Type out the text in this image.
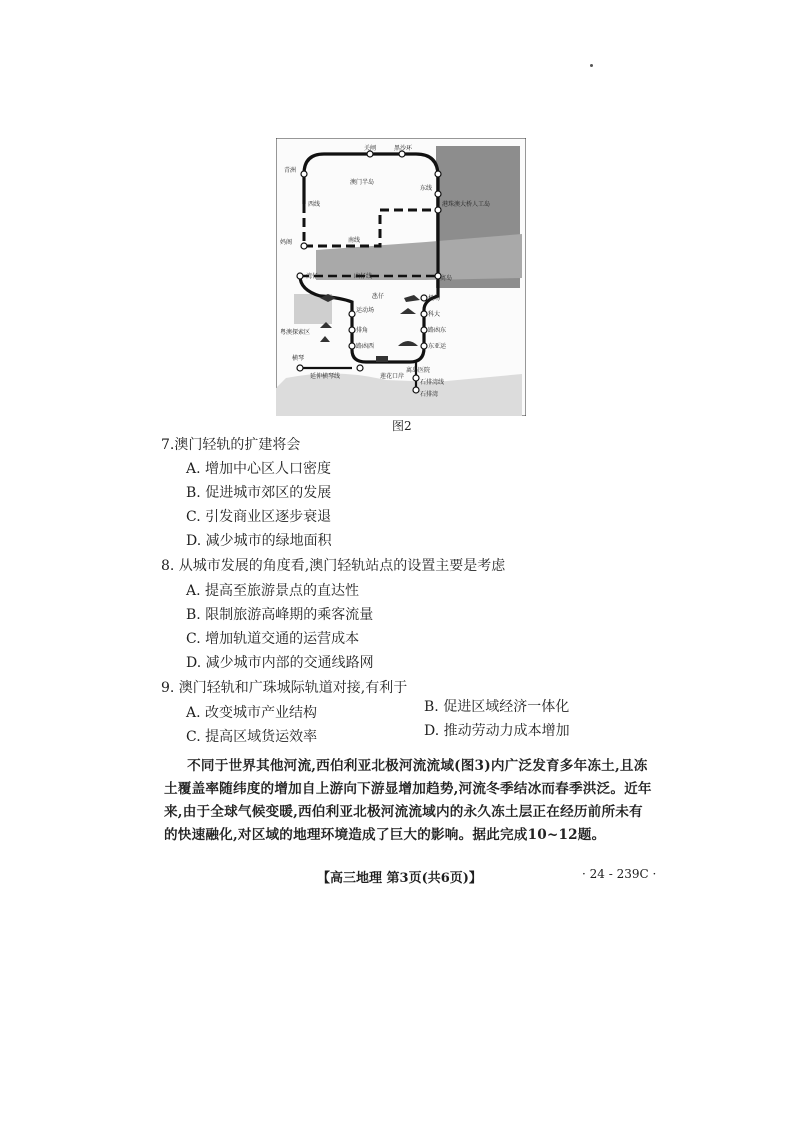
关闸	黑沙环
青洲
澳门半岛
东线
西线
南线
妈阁
港珠澳大桥人工岛
湾仔	凼仔线	离岛
氹仔	机场
运动场
科大
排角	路凼东
粤澳探索区
路凼西	东亚运
横琴
延伸横琴线	莲花口岸
离岛医院
石排湾线
石排湾
图2
7.澳门轻轨的扩建将会
A. 增加中心区人口密度
B. 促进城市郊区的发展
C. 引发商业区逐步衰退
D. 减少城市的绿地面积
8. 从城市发展的角度看,澳门轻轨站点的设置主要是考虑
A. 提高至旅游景点的直达性
B. 限制旅游高峰期的乘客流量
C. 增加轨道交通的运营成本
D. 减少城市内部的交通线路网
9. 澳门轻轨和广珠城际轨道对接,有利于
A. 改变城市产业结构	B. 促进区域经济一体化
C. 提高区域货运效率	D. 推动劳动力成本增加
不同于世界其他河流,西伯利亚北极河流流域(图3)内广泛发育多年冻土,且冻土覆盖率随纬度的增加自上游向下游显增加趋势,河流冬季结冰而春季洪泛。近年来,由于全球气候变暖,西伯利亚北极河流流域内的永久冻土层正在经历前所未有的快速融化,对区域的地理环境造成了巨大的影响。据此完成10~12题。
【高三地理 第3页(共6页)】	· 24 - 239C ·
